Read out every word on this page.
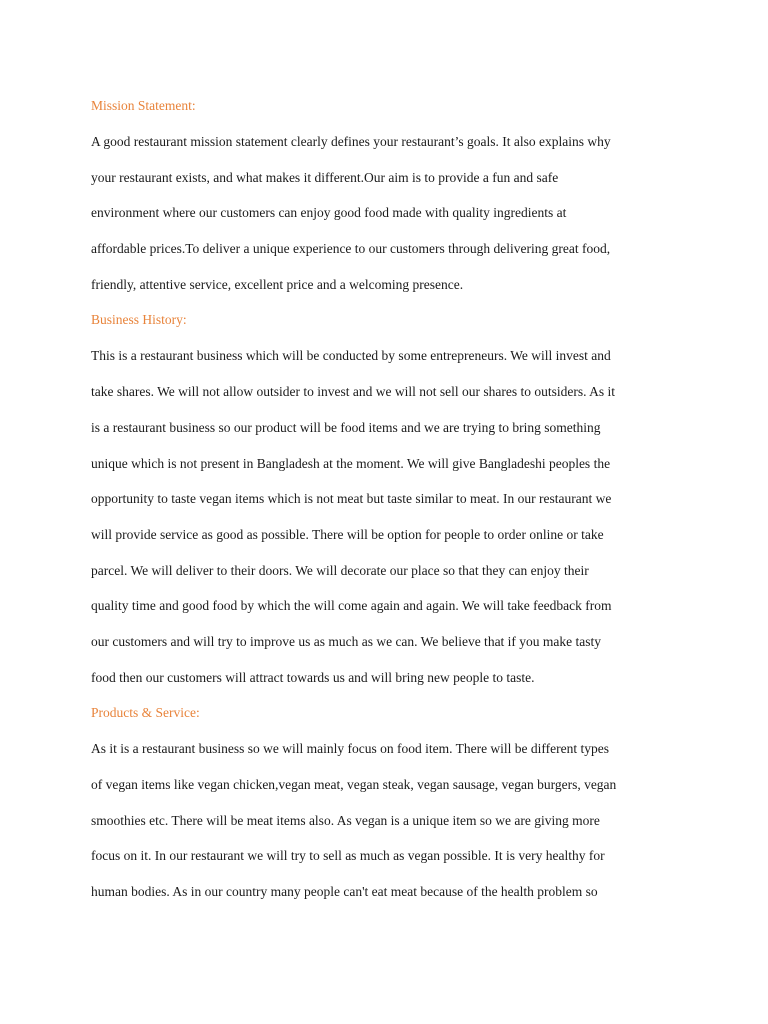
Mission Statement:

A good restaurant mission statement clearly defines your restaurant’s goals. It also explains why

your restaurant exists, and what makes it different.Our aim is to provide a fun and safe

environment where our customers can enjoy good food made with quality ingredients at

affordable prices.To deliver a unique experience to our customers through delivering great food,

friendly, attentive service, excellent price and a welcoming presence.

Business History:

This is a restaurant business which will be conducted by some entrepreneurs. We will invest and

take shares. We will not allow outsider to invest and we will not sell our shares to outsiders. As it

is a restaurant business so our product will be food items and we are trying to bring something

unique which is not present in Bangladesh at the moment. We will give Bangladeshi peoples the

opportunity to taste vegan items which is not meat but taste similar to meat. In our restaurant we

will provide service as good as possible. There will be option for people to order online or take

parcel. We will deliver to their doors. We will decorate our place so that they can enjoy their

quality time and good food by which the will come again and again. We will take feedback from

our customers and will try to improve us as much as we can. We believe that if you make tasty

food then our customers will attract towards us and will bring new people to taste.

Products & Service:

As it is a restaurant business so we will mainly focus on food item. There will be different types

of vegan items like vegan chicken,vegan meat, vegan steak, vegan sausage, vegan burgers, vegan

smoothies etc. There will be meat items also. As vegan is a unique item so we are giving more

focus on it. In our restaurant we will try to sell as much as vegan possible. It is very healthy for

human bodies. As in our country many people can't eat meat because of the health problem so
